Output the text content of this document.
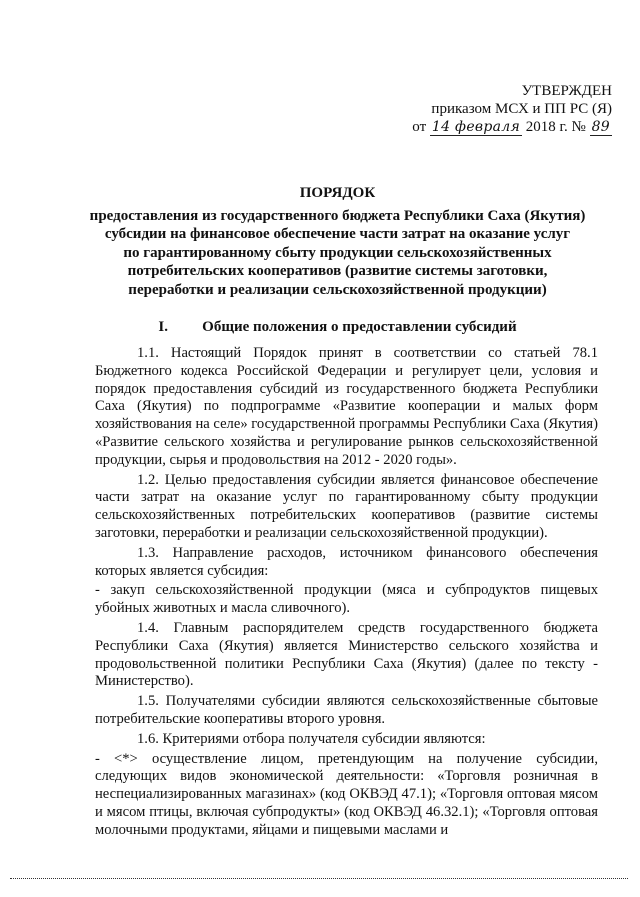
УТВЕРЖДЕН
приказом МСХ и ПП РС (Я)
от 14 февраля 2018 г. № 89
ПОРЯДОК
предоставления из государственного бюджета Республики Саха (Якутия)
субсидии на финансовое обеспечение части затрат на оказание услуг
по гарантированному сбыту продукции сельскохозяйственных
потребительских кооперативов (развитие системы заготовки,
переработки и реализации сельскохозяйственной продукции)
I. Общие положения о предоставлении субсидий

1.1. Настоящий Порядок принят в соответствии со статьей 78.1 Бюджетного кодекса Российской Федерации и регулирует цели, условия и порядок предоставления субсидий из государственного бюджета Республики Саха (Якутия) по подпрограмме «Развитие кооперации и малых форм хозяйствования на селе» государственной программы Республики Саха (Якутия) «Развитие сельского хозяйства и регулирование рынков сельскохозяйственной продукции, сырья и продовольствия на 2012 - 2020 годы».

1.2. Целью предоставления субсидии является финансовое обеспечение части затрат на оказание услуг по гарантированному сбыту продукции сельскохозяйственных потребительских кооперативов (развитие системы заготовки, переработки и реализации сельскохозяйственной продукции).

1.3. Направление расходов, источником финансового обеспечения которых является субсидия:

- закуп сельскохозяйственной продукции (мяса и субпродуктов пищевых убойных животных и масла сливочного).

1.4. Главным распорядителем средств государственного бюджета Республики Саха (Якутия) является Министерство сельского хозяйства и продовольственной политики Республики Саха (Якутия) (далее по тексту - Министерство).

1.5. Получателями субсидии являются сельскохозяйственные сбытовые потребительские кооперативы второго уровня.

1.6. Критериями отбора получателя субсидии являются:

- <*> осуществление лицом, претендующим на получение субсидии, следующих видов экономической деятельности: «Торговля розничная в неспециализированных магазинах» (код ОКВЭД 47.1); «Торговля оптовая мясом и мясом птицы, включая субпродукты» (код ОКВЭД 46.32.1); «Торговля оптовая молочными продуктами, яйцами и пищевыми маслами и
